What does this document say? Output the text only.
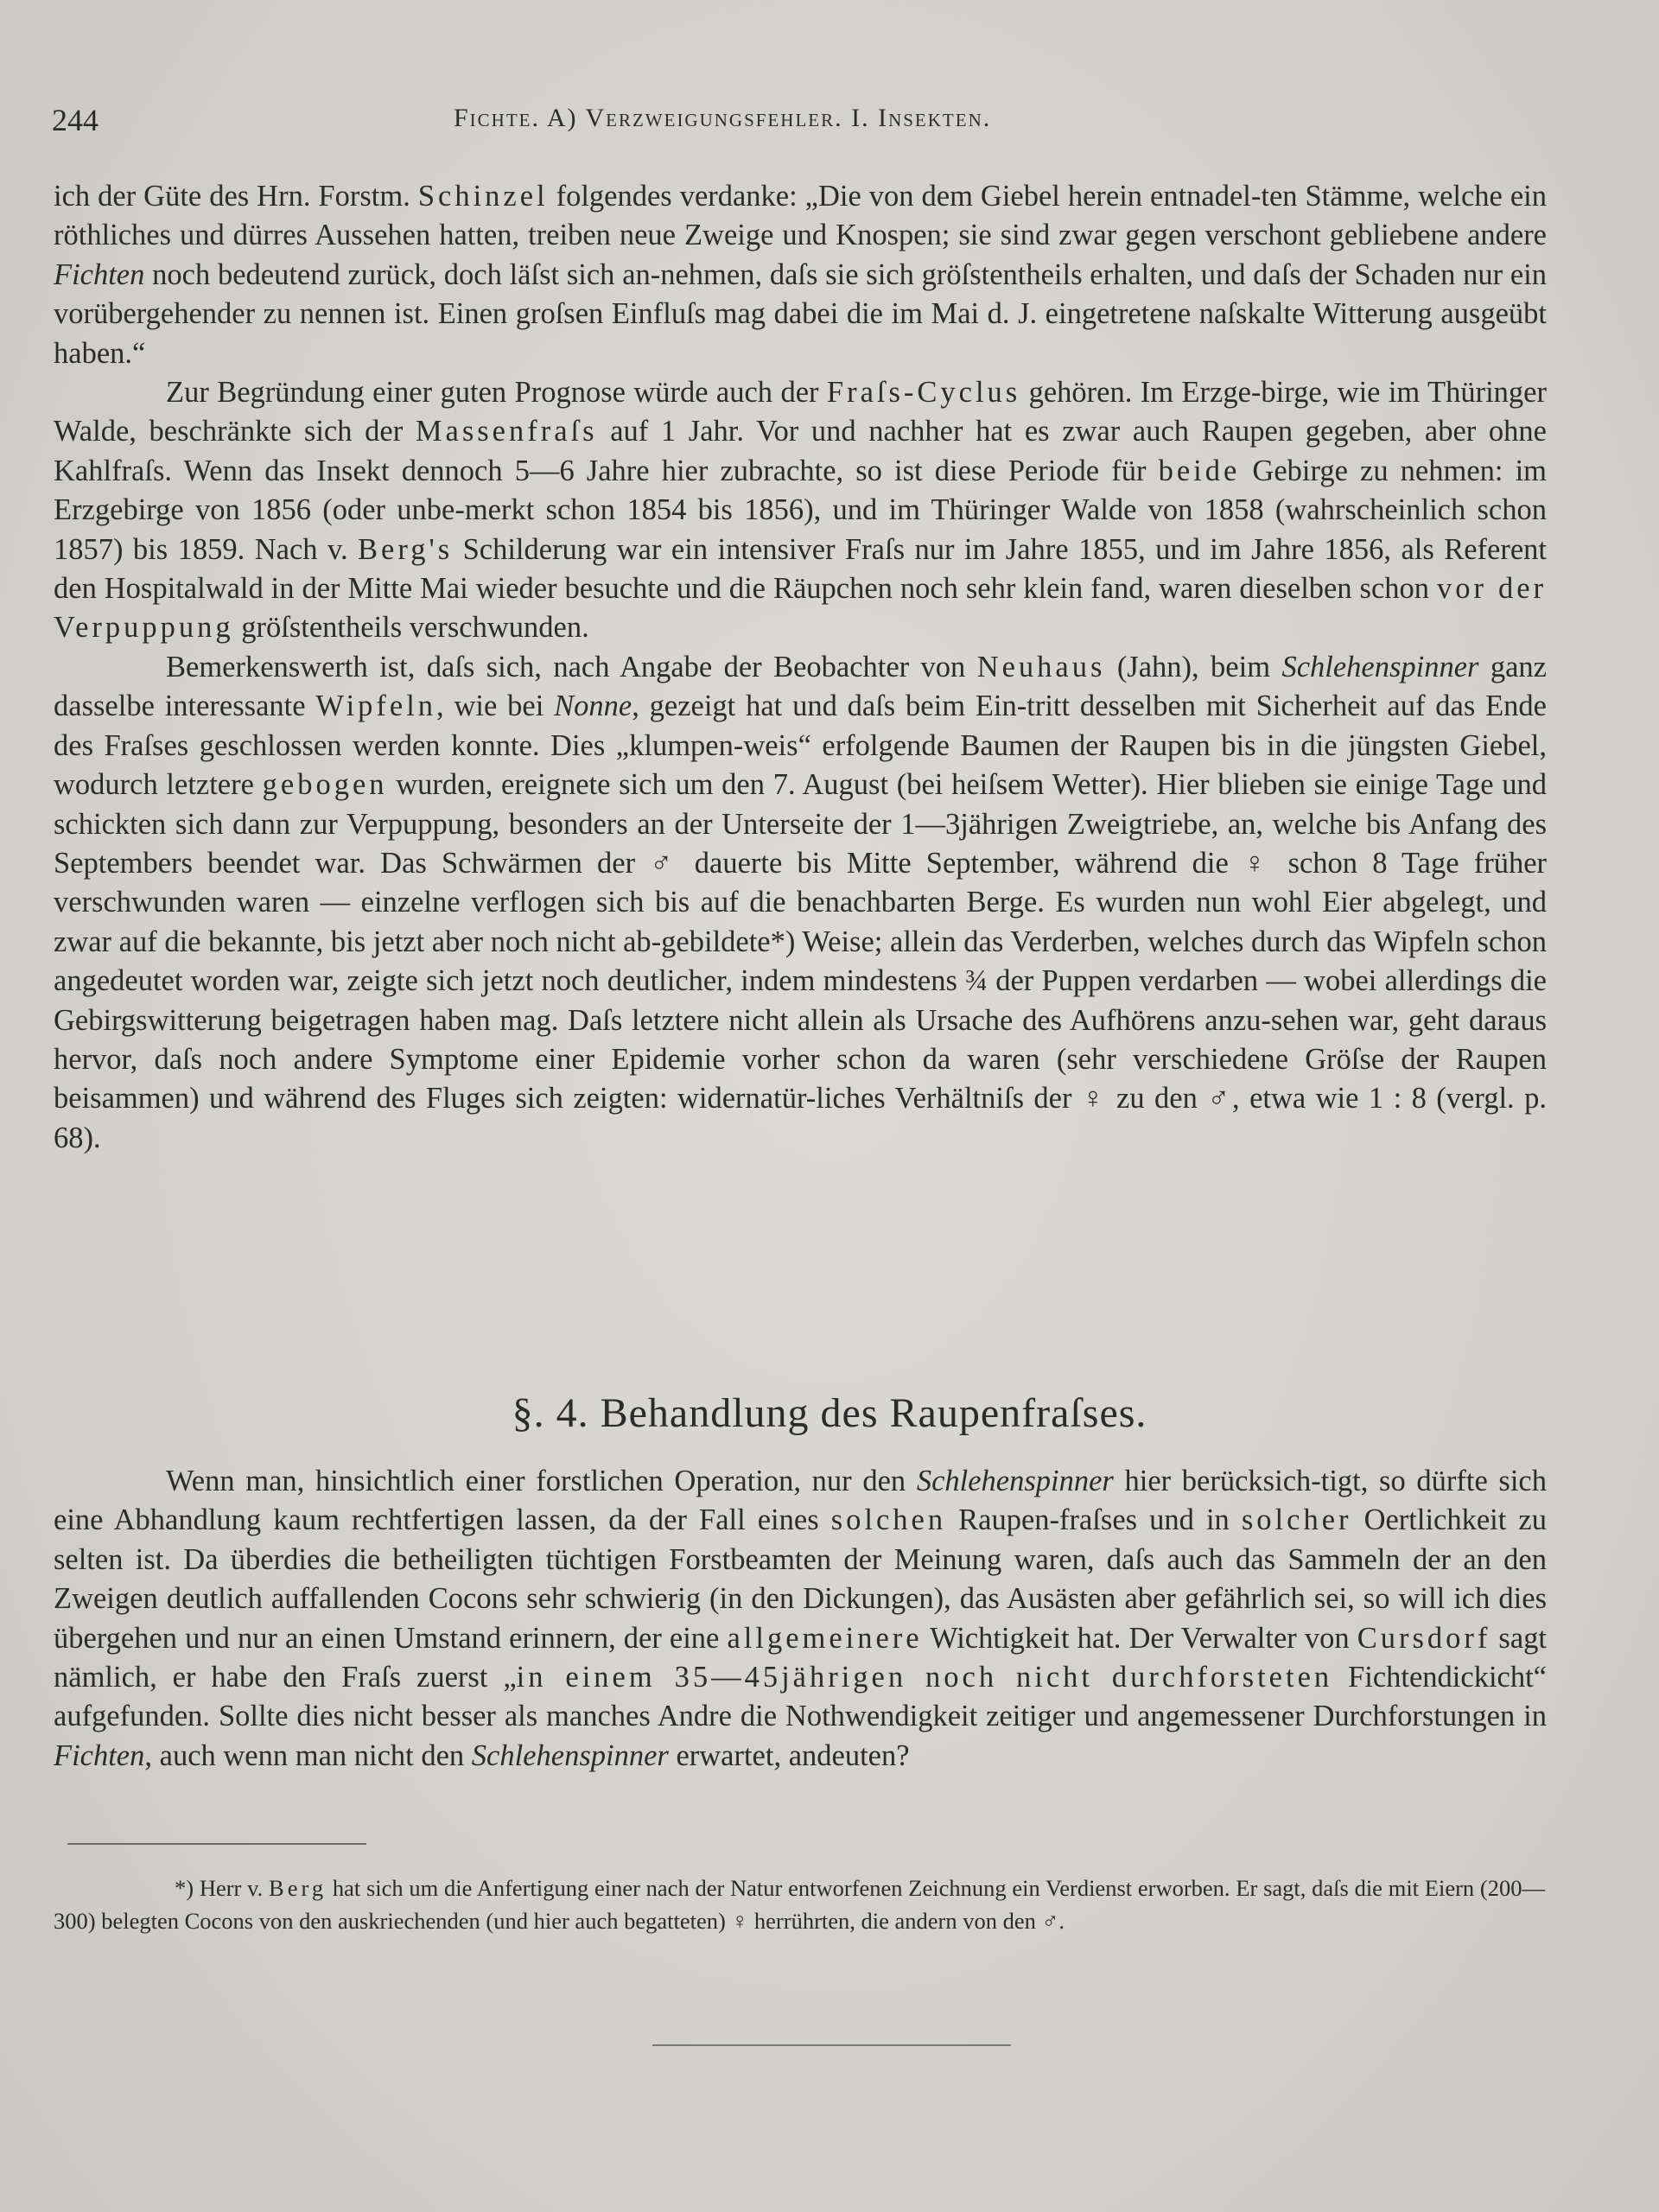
244	Fichte. A) Verzweigungsfehler. I. Insekten.

ich der Güte des Hrn. Forstm. Schinzel folgendes verdanke: „Die von dem Giebel herein entnadel-ten Stämme, welche ein röthliches und dürres Aussehen hatten, treiben neue Zweige und Knospen; sie sind zwar gegen verschont gebliebene andere Fichten noch bedeutend zurück, doch läſst sich an-nehmen, daſs sie sich gröſstentheils erhalten, und daſs der Schaden nur ein vorübergehender zu nennen ist. Einen groſsen Einfluſs mag dabei die im Mai d. J. eingetretene naſskalte Witterung ausgeübt haben.“

Zur Begründung einer guten Prognose würde auch der Fraſs-Cyclus gehören. Im Erzge-birge, wie im Thüringer Walde, beschränkte sich der Massenfraſs auf 1 Jahr. Vor und nachher hat es zwar auch Raupen gegeben, aber ohne Kahlfraſs. Wenn das Insekt dennoch 5—6 Jahre hier zubrachte, so ist diese Periode für beide Gebirge zu nehmen: im Erzgebirge von 1856 (oder unbe-merkt schon 1854 bis 1856), und im Thüringer Walde von 1858 (wahrscheinlich schon 1857) bis 1859. Nach v. Berg's Schilderung war ein intensiver Fraſs nur im Jahre 1855, und im Jahre 1856, als Referent den Hospitalwald in der Mitte Mai wieder besuchte und die Räupchen noch sehr klein fand, waren dieselben schon vor der Verpuppung gröſstentheils verschwunden.

Bemerkenswerth ist, daſs sich, nach Angabe der Beobachter von Neuhaus (Jahn), beim Schlehenspinner ganz dasselbe interessante Wipfeln, wie bei Nonne, gezeigt hat und daſs beim Ein-tritt desselben mit Sicherheit auf das Ende des Fraſses geschlossen werden konnte. Dies „klumpen-weis“ erfolgende Baumen der Raupen bis in die jüngsten Giebel, wodurch letztere gebogen wurden, ereignete sich um den 7. August (bei heiſsem Wetter). Hier blieben sie einige Tage und schickten sich dann zur Verpuppung, besonders an der Unterseite der 1—3jährigen Zweigtriebe, an, welche bis Anfang des Septembers beendet war. Das Schwärmen der ♂ dauerte bis Mitte September, während die ♀ schon 8 Tage früher verschwunden waren — einzelne verflogen sich bis auf die benachbarten Berge. Es wurden nun wohl Eier abgelegt, und zwar auf die bekannte, bis jetzt aber noch nicht ab-gebildete*) Weise; allein das Verderben, welches durch das Wipfeln schon angedeutet worden war, zeigte sich jetzt noch deutlicher, indem mindestens ¾ der Puppen verdarben — wobei allerdings die Gebirgswitterung beigetragen haben mag. Daſs letztere nicht allein als Ursache des Aufhörens anzu-sehen war, geht daraus hervor, daſs noch andere Symptome einer Epidemie vorher schon da waren (sehr verschiedene Gröſse der Raupen beisammen) und während des Fluges sich zeigten: widernatür-liches Verhältniſs der ♀ zu den ♂, etwa wie 1 : 8 (vergl. p. 68).

§. 4. Behandlung des Raupenfraſses.

Wenn man, hinsichtlich einer forstlichen Operation, nur den Schlehenspinner hier berücksich-tigt, so dürfte sich eine Abhandlung kaum rechtfertigen lassen, da der Fall eines solchen Raupen-fraſses und in solcher Oertlichkeit zu selten ist. Da überdies die betheiligten tüchtigen Forstbeamten der Meinung waren, daſs auch das Sammeln der an den Zweigen deutlich auffallenden Cocons sehr schwierig (in den Dickungen), das Ausästen aber gefährlich sei, so will ich dies übergehen und nur an einen Umstand erinnern, der eine allgemeinere Wichtigkeit hat. Der Verwalter von Cursdorf sagt nämlich, er habe den Fraſs zuerst „in einem 35—45jährigen noch nicht durchforsteten Fichtendickicht“ aufgefunden. Sollte dies nicht besser als manches Andre die Nothwendigkeit zeitiger und angemessener Durchforstungen in Fichten, auch wenn man nicht den Schlehenspinner erwartet, andeuten?

*) Herr v. Berg hat sich um die Anfertigung einer nach der Natur entworfenen Zeichnung ein Verdienst erworben. Er sagt, daſs die mit Eiern (200—300) belegten Cocons von den auskriechenden (und hier auch begatteten) ♀ herrührten, die andern von den ♂.
